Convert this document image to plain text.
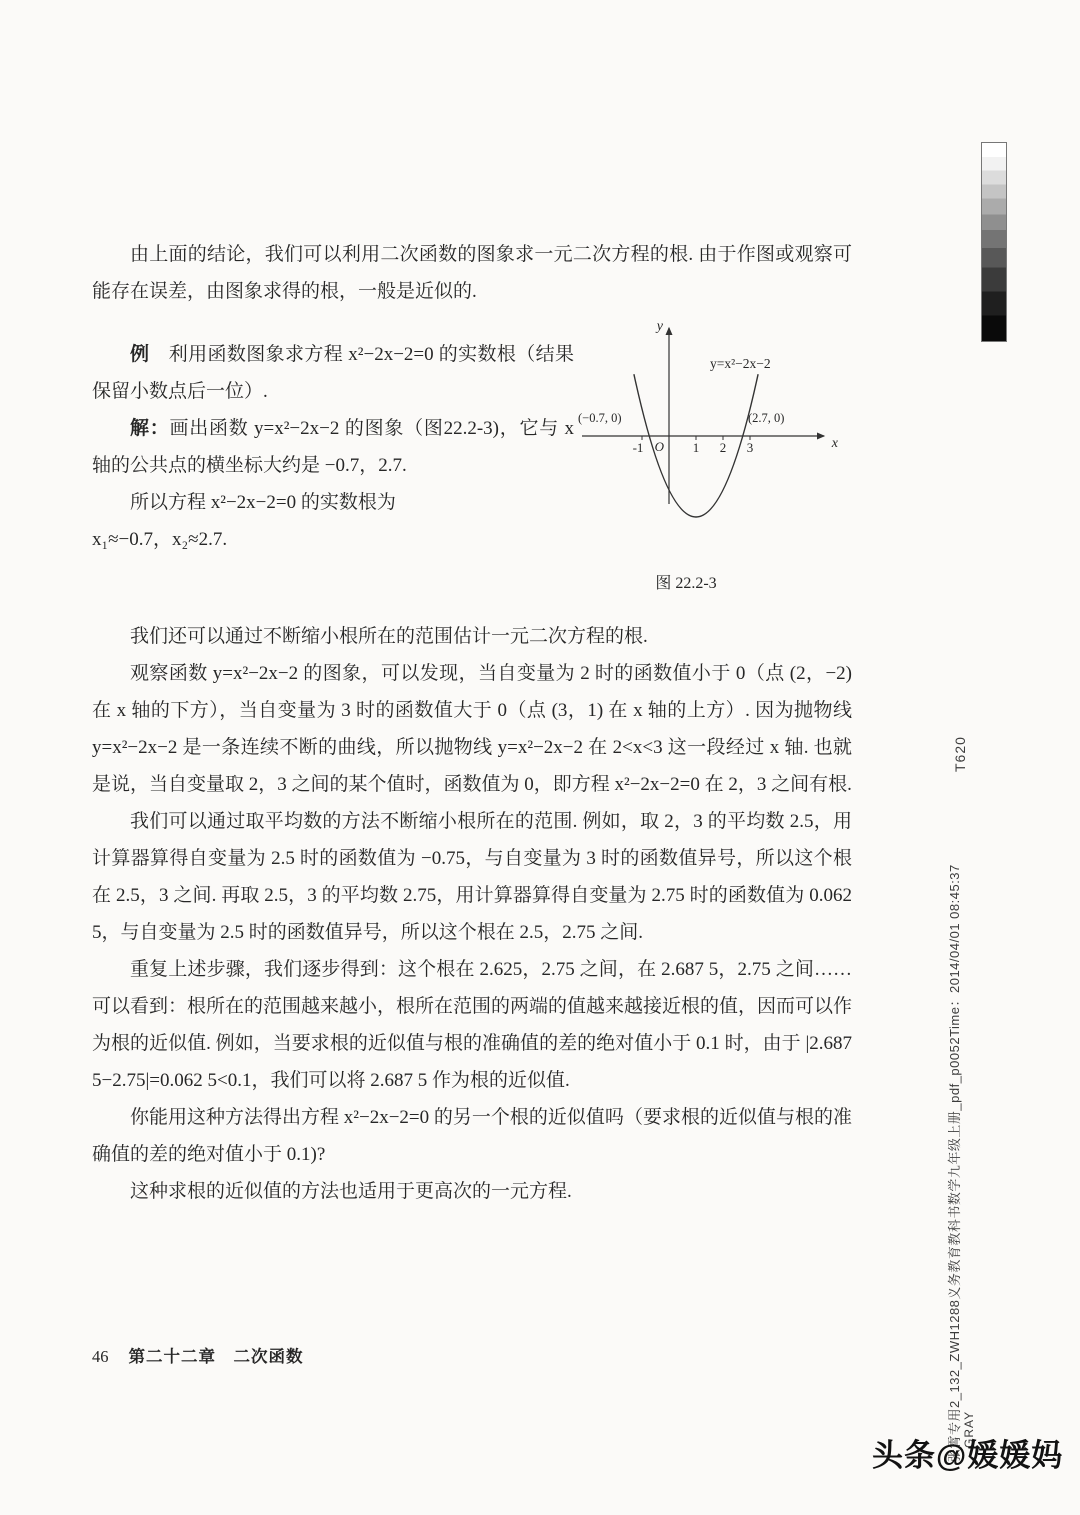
T620
张霄专用2_132_ZWH1288义务教育教科书数学九年级上册_pdf_p0052Time：2014/04/01 08:45:37 GRAY

由上面的结论，我们可以利用二次函数的图象求一元二次方程的根. 由于作图或观察可能存在误差，由图象求得的根，一般是近似的.

例　 利用函数图象求方程 x²−2x−2=0 的实数根（结果保留小数点后一位）.

解：画出函数 y=x²−2x−2 的图象（图22.2-3)，它与 x 轴的公共点的横坐标大约是 −0.7，2.7.

所以方程 x²−2x−2=0 的实数根为

x₁≈−0.7，x₂≈2.7.

y=x²−2x−2
(−0.7, 0)	(2.7, 0)
y
x
O
-1	1 2 3
图 22.2-3

我们还可以通过不断缩小根所在的范围估计一元二次方程的根.

观察函数 y=x²−2x−2 的图象，可以发现，当自变量为 2 时的函数值小于 0（点 (2，−2) 在 x 轴的下方），当自变量为 3 时的函数值大于 0（点 (3，1) 在 x 轴的上方）. 因为抛物线 y=x²−2x−2 是一条连续不断的曲线，所以抛物线 y=x²−2x−2 在 2<x<3 这一段经过 x 轴. 也就是说，当自变量取 2，3 之间的某个值时，函数值为 0，即方程 x²−2x−2=0 在 2，3 之间有根.

我们可以通过取平均数的方法不断缩小根所在的范围. 例如，取 2，3 的平均数 2.5，用计算器算得自变量为 2.5 时的函数值为 −0.75，与自变量为 3 时的函数值异号，所以这个根在 2.5，3 之间. 再取 2.5，3 的平均数 2.75，用计算器算得自变量为 2.75 时的函数值为 0.062 5，与自变量为 2.5 时的函数值异号，所以这个根在 2.5，2.75 之间.

重复上述步骤，我们逐步得到：这个根在 2.625，2.75 之间，在 2.687 5，2.75 之间……可以看到：根所在的范围越来越小，根所在范围的两端的值越来越接近根的值，因而可以作为根的近似值. 例如，当要求根的近似值与根的准确值的差的绝对值小于 0.1 时，由于 |2.687 5−2.75|=0.062 5<0.1，我们可以将 2.687 5 作为根的近似值.

你能用这种方法得出方程 x²−2x−2=0 的另一个根的近似值吗（要求根的近似值与根的准确值的差的绝对值小于 0.1)?

这种求根的近似值的方法也适用于更高次的一元方程.

46 第二十二章　二次函数
头条@媛媛妈
